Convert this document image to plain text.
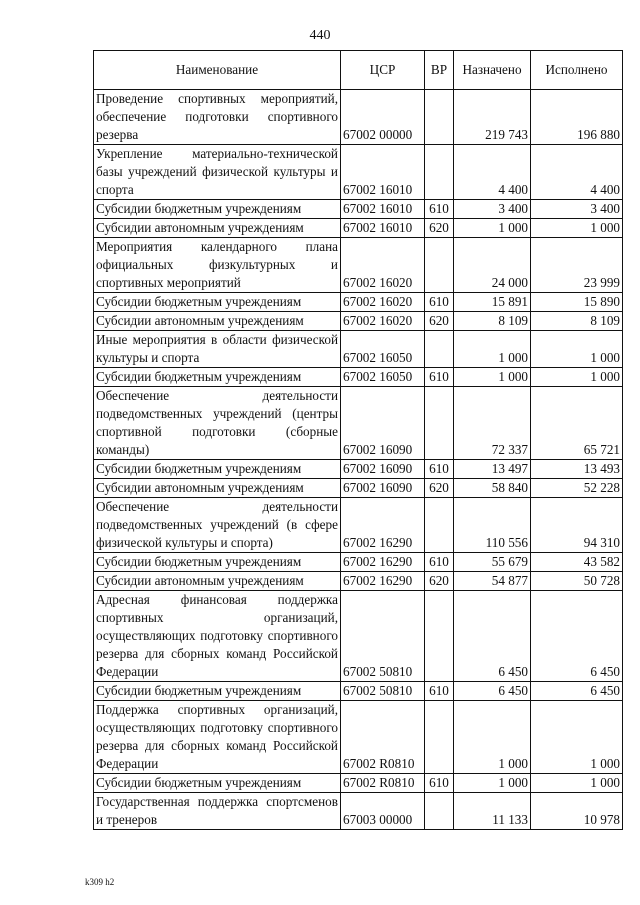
440
Наименование	ЦСР	ВР	Назначено	Исполнено
Проведение спортивных мероприятий, обеспечение подготовки спортивного резерва	67002 00000		219 743	196 880
Укрепление материально-технической базы учреждений физической культуры и спорта	67002 16010		4 400	4 400
Субсидии бюджетным учреждениям	67002 16010	610	3 400	3 400
Субсидии автономным учреждениям	67002 16010	620	1 000	1 000
Мероприятия календарного плана официальных физкультурных и спортивных мероприятий	67002 16020		24 000	23 999
Субсидии бюджетным учреждениям	67002 16020	610	15 891	15 890
Субсидии автономным учреждениям	67002 16020	620	8 109	8 109
Иные мероприятия в области физической культуры и спорта	67002 16050		1 000	1 000
Субсидии бюджетным учреждениям	67002 16050	610	1 000	1 000
Обеспечение деятельности подведомственных учреждений (центры спортивной подготовки (сборные команды)	67002 16090		72 337	65 721
Субсидии бюджетным учреждениям	67002 16090	610	13 497	13 493
Субсидии автономным учреждениям	67002 16090	620	58 840	52 228
Обеспечение деятельности подведомственных учреждений (в сфере физической культуры и спорта)	67002 16290		110 556	94 310
Субсидии бюджетным учреждениям	67002 16290	610	55 679	43 582
Субсидии автономным учреждениям	67002 16290	620	54 877	50 728
Адресная финансовая поддержка спортивных организаций, осуществляющих подготовку спортивного резерва для сборных команд Российской Федерации	67002 50810		6 450	6 450
Субсидии бюджетным учреждениям	67002 50810	610	6 450	6 450
Поддержка спортивных организаций, осуществляющих подготовку спортивного резерва для сборных команд Российской Федерации	67002 R0810		1 000	1 000
Субсидии бюджетным учреждениям	67002 R0810	610	1 000	1 000
Государственная поддержка спортсменов и тренеров	67003 00000		11 133	10 978
k309 h2
